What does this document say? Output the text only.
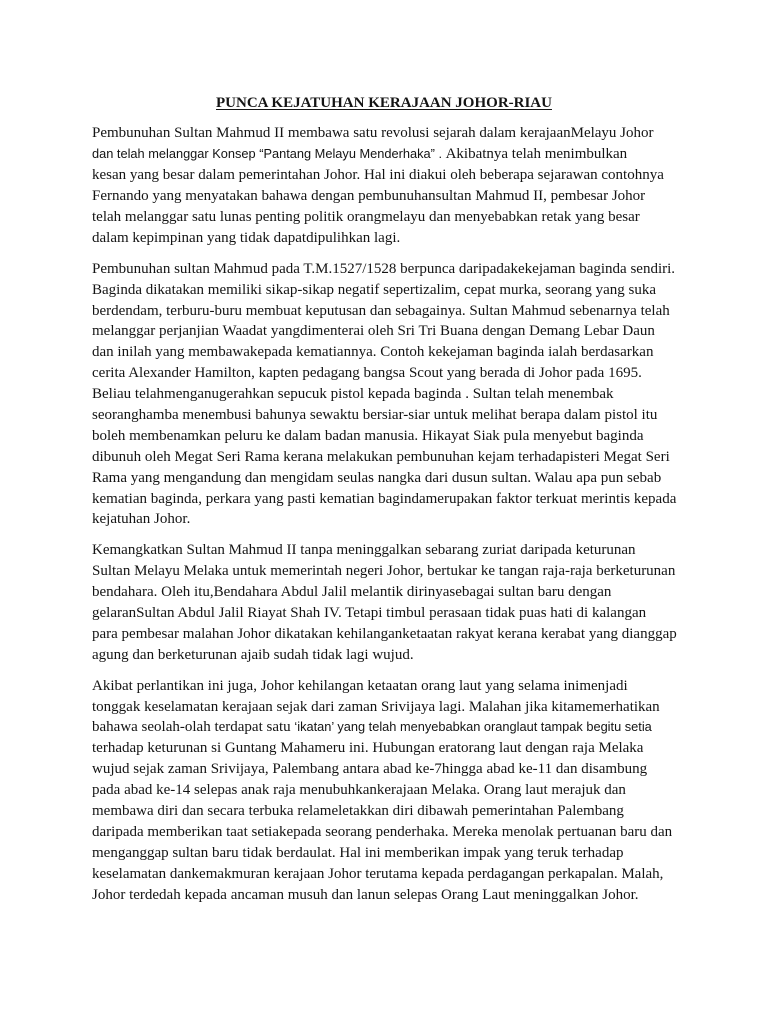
PUNCA KEJATUHAN KERAJAAN JOHOR-RIAU

Pembunuhan Sultan Mahmud II membawa satu revolusi sejarah dalam kerajaanMelayu Johor
dan telah melanggar Konsep “Pantang Melayu Menderhaka” . Akibatnya telah menimbulkan
kesan yang besar dalam pemerintahan Johor. Hal ini diakui oleh beberapa sejarawan contohnya
Fernando yang menyatakan bahawa dengan pembunuhansultan Mahmud II, pembesar Johor
telah melanggar satu lunas penting politik orangmelayu dan menyebabkan retak yang besar
dalam kepimpinan yang tidak dapatdipulihkan lagi.

Pembunuhan sultan Mahmud pada T.M.1527/1528 berpunca daripadakekejaman baginda sendiri.
Baginda dikatakan memiliki sikap-sikap negatif sepertizalim, cepat murka, seorang yang suka
berdendam, terburu-buru membuat keputusan dan sebagainya. Sultan Mahmud sebenarnya telah
melanggar perjanjian Waadat yangdimenterai oleh Sri Tri Buana dengan Demang Lebar Daun
dan inilah yang membawakepada kematiannya. Contoh kekejaman baginda ialah berdasarkan
cerita Alexander Hamilton, kapten pedagang bangsa Scout yang berada di Johor pada 1695.
Beliau telahmenganugerahkan sepucuk pistol kepada baginda . Sultan telah menembak
seoranghamba menembusi bahunya sewaktu bersiar-siar untuk melihat berapa dalam pistol itu
boleh membenamkan peluru ke dalam badan manusia. Hikayat Siak pula menyebut baginda
dibunuh oleh Megat Seri Rama kerana melakukan pembunuhan kejam terhadapisteri Megat Seri
Rama yang mengandung dan mengidam seulas nangka dari dusun sultan. Walau apa pun sebab
kematian baginda, perkara yang pasti kematian bagindamerupakan faktor terkuat merintis kepada
kejatuhan Johor.

Kemangkatkan Sultan Mahmud II tanpa meninggalkan sebarang zuriat daripada keturunan
Sultan Melayu Melaka untuk memerintah negeri Johor, bertukar ke tangan raja-raja berketurunan
bendahara. Oleh itu,Bendahara Abdul Jalil melantik dirinyasebagai sultan baru dengan
gelaranSultan Abdul Jalil Riayat Shah IV. Tetapi timbul perasaan tidak puas hati di kalangan
para pembesar malahan Johor dikatakan kehilanganketaatan rakyat kerana kerabat yang dianggap
agung dan berketurunan ajaib sudah tidak lagi wujud.

Akibat perlantikan ini juga, Johor kehilangan ketaatan orang laut yang selama inimenjadi
tonggak keselamatan kerajaan sejak dari zaman Srivijaya lagi. Malahan jika kitamemerhatikan
bahawa seolah-olah terdapat satu ‘ikatan’ yang telah menyebabkan oranglaut tampak begitu setia
terhadap keturunan si Guntang Mahameru ini. Hubungan eratorang laut dengan raja Melaka
wujud sejak zaman Srivijaya, Palembang antara abad ke-7hingga abad ke-11 dan disambung
pada abad ke-14 selepas anak raja menubuhkankerajaan Melaka. Orang laut merajuk dan
membawa diri dan secara terbuka relameletakkan diri dibawah pemerintahan Palembang
daripada memberikan taat setiakepada seorang penderhaka. Mereka menolak pertuanan baru dan
menganggap sultan baru tidak berdaulat. Hal ini memberikan impak yang teruk terhadap
keselamatan dankemakmuran kerajaan Johor terutama kepada perdagangan perkapalan. Malah,
Johor terdedah kepada ancaman musuh dan lanun selepas Orang Laut meninggalkan Johor.
